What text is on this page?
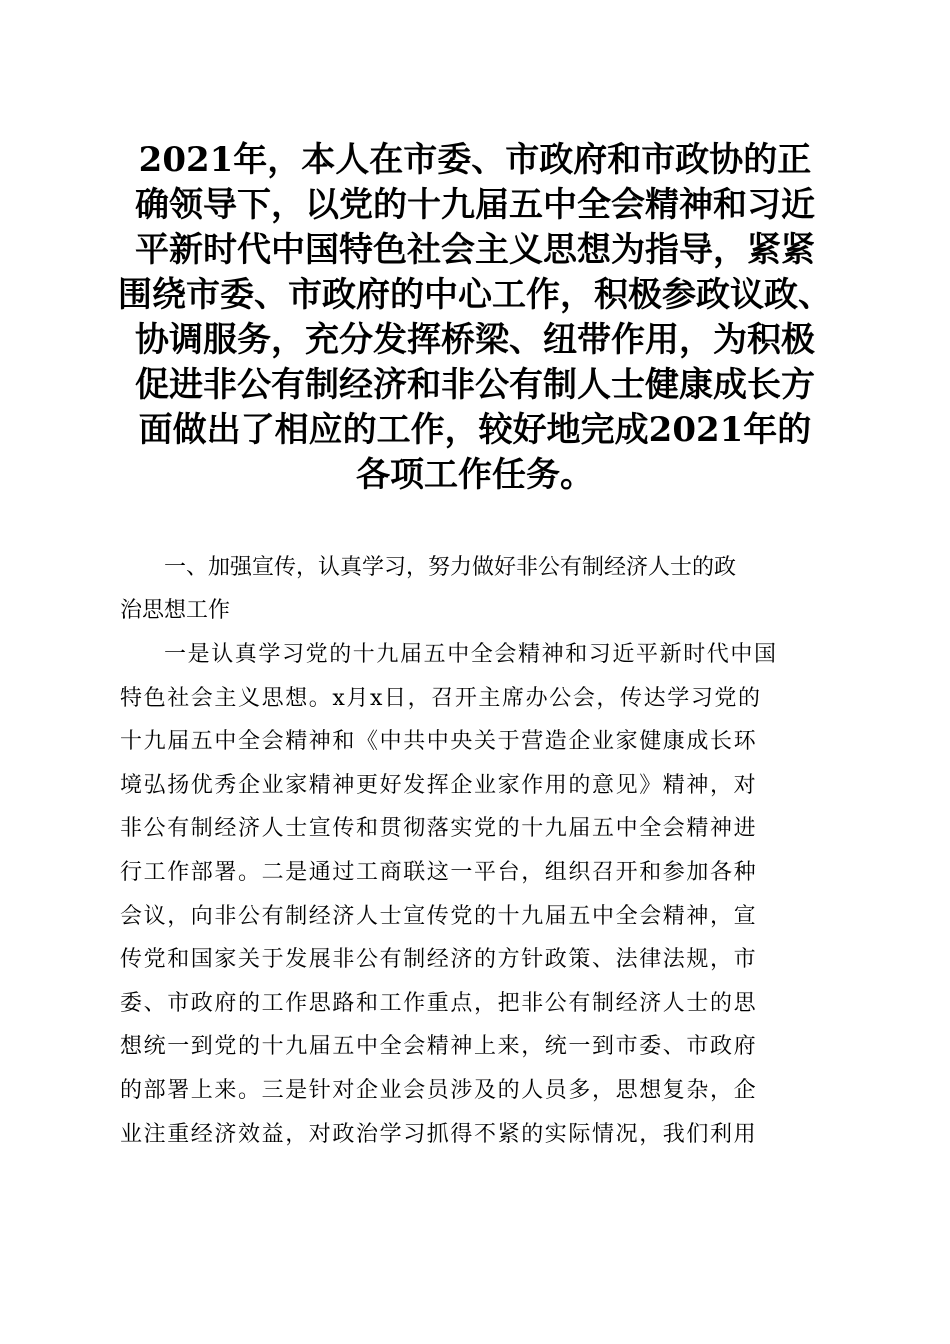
2021年，本人在市委、市政府和市政协的正
确领导下，以党的十九届五中全会精神和习近
平新时代中国特色社会主义思想为指导，紧紧
围绕市委、市政府的中心工作，积极参政议政、
协调服务，充分发挥桥梁、纽带作用，为积极
促进非公有制经济和非公有制人士健康成长方
面做出了相应的工作，较好地完成2021年的
各项工作任务。
一、加强宣传，认真学习，努力做好非公有制经济人士的政
治思想工作
一是认真学习党的十九届五中全会精神和习近平新时代中国
特色社会主义思想。x月x日，召开主席办公会，传达学习党的
十九届五中全会精神和《中共中央关于营造企业家健康成长环
境弘扬优秀企业家精神更好发挥企业家作用的意见》精神，对
非公有制经济人士宣传和贯彻落实党的十九届五中全会精神进
行工作部署。二是通过工商联这一平台，组织召开和参加各种
会议，向非公有制经济人士宣传党的十九届五中全会精神，宣
传党和国家关于发展非公有制经济的方针政策、法律法规，市
委、市政府的工作思路和工作重点，把非公有制经济人士的思
想统一到党的十九届五中全会精神上来，统一到市委、市政府
的部署上来。三是针对企业会员涉及的人员多，思想复杂，企
业注重经济效益，对政治学习抓得不紧的实际情况，我们利用
